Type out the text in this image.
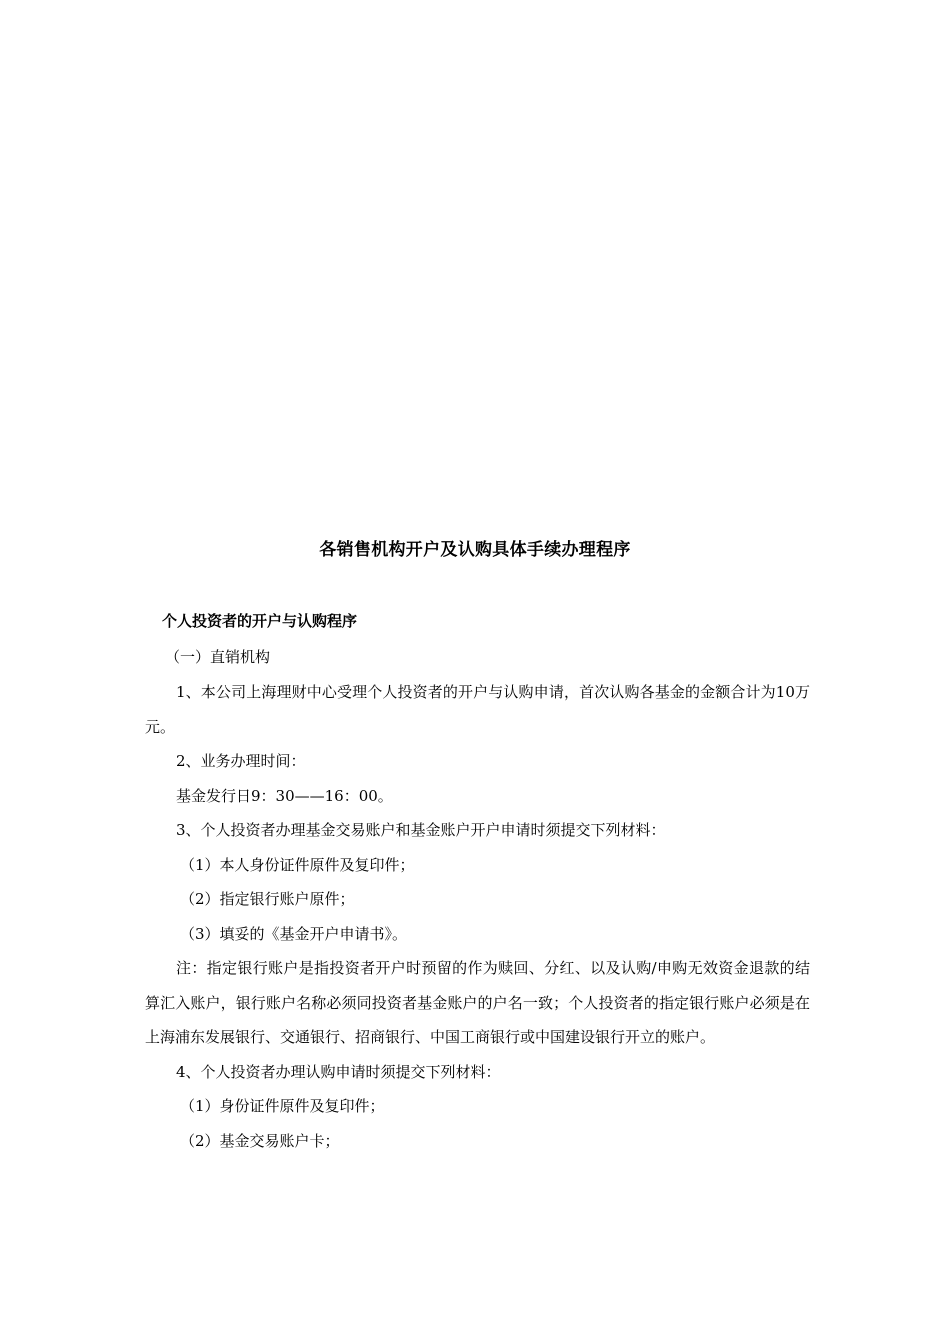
各销售机构开户及认购具体手续办理程序
个人投资者的开户与认购程序
（一）直销机构

1、本公司上海理财中心受理个人投资者的开户与认购申请，首次认购各基金的金额合计为10万元。

2、业务办理时间：

基金发行日9：30——16：00。

3、个人投资者办理基金交易账户和基金账户开户申请时须提交下列材料：

（1）本人身份证件原件及复印件；

（2）指定银行账户原件；

（3）填妥的《基金开户申请书》。

注：指定银行账户是指投资者开户时预留的作为赎回、分红、以及认购/申购无效资金退款的结算汇入账户，银行账户名称必须同投资者基金账户的户名一致；个人投资者的指定银行账户必须是在上海浦东发展银行、交通银行、招商银行、中国工商银行或中国建设银行开立的账户。

4、个人投资者办理认购申请时须提交下列材料：

（1）身份证件原件及复印件；

（2）基金交易账户卡；
